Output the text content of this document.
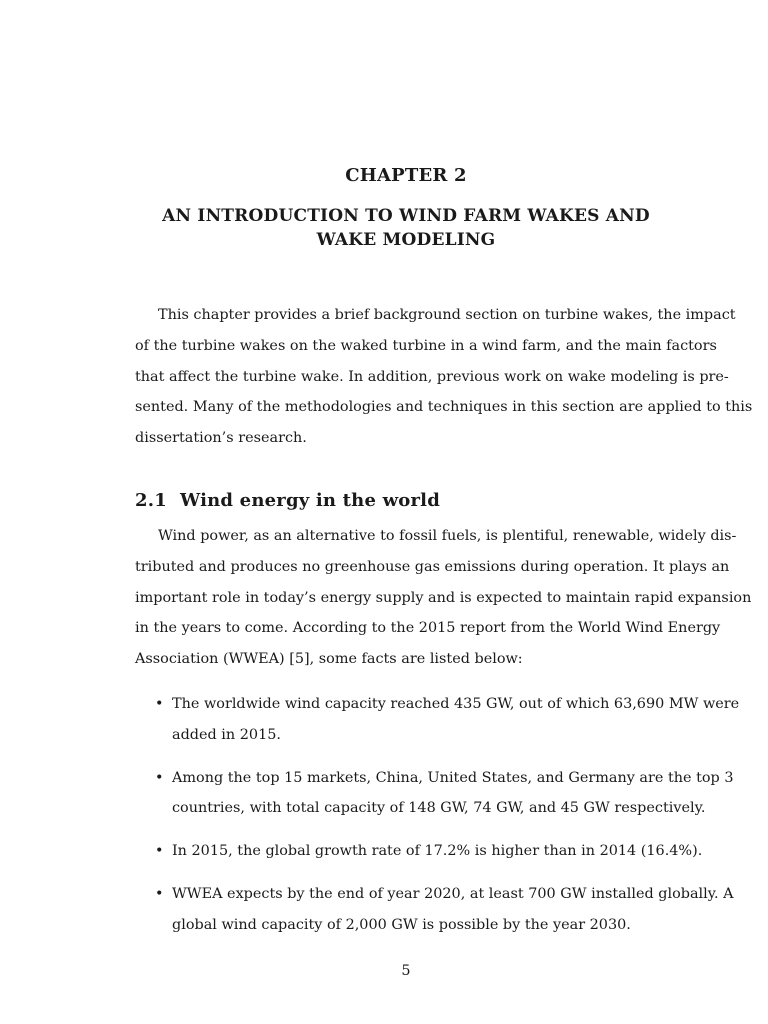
CHAPTER 2
AN INTRODUCTION TO WIND FARM WAKES AND
WAKE MODELING

This chapter provides a brief background section on turbine wakes, the impact
of the turbine wakes on the waked turbine in a wind farm, and the main factors
that affect the turbine wake. In addition, previous work on wake modeling is pre-
sented. Many of the methodologies and techniques in this section are applied to this
dissertation’s research.

2.1 Wind energy in the world

Wind power, as an alternative to fossil fuels, is plentiful, renewable, widely dis-
tributed and produces no greenhouse gas emissions during operation. It plays an
important role in today’s energy supply and is expected to maintain rapid expansion
in the years to come. According to the 2015 report from the World Wind Energy
Association (WWEA) [5], some facts are listed below:

• The worldwide wind capacity reached 435 GW, out of which 63,690 MW were
added in 2015.
• Among the top 15 markets, China, United States, and Germany are the top 3
countries, with total capacity of 148 GW, 74 GW, and 45 GW respectively.
• In 2015, the global growth rate of 17.2% is higher than in 2014 (16.4%).
• WWEA expects by the end of year 2020, at least 700 GW installed globally. A
global wind capacity of 2,000 GW is possible by the year 2030.
5
